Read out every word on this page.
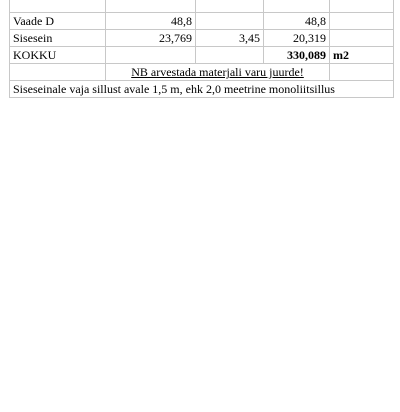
Vaade D	48,8		48,8	
Sisesein	23,769	3,45	20,319	
KOKKU			330,089	m2
	NB arvestada materjali varu juurde!			
Siseseinale vaja sillust avale 1,5 m, ehk 2,0 meetrine monoliitsillus				
